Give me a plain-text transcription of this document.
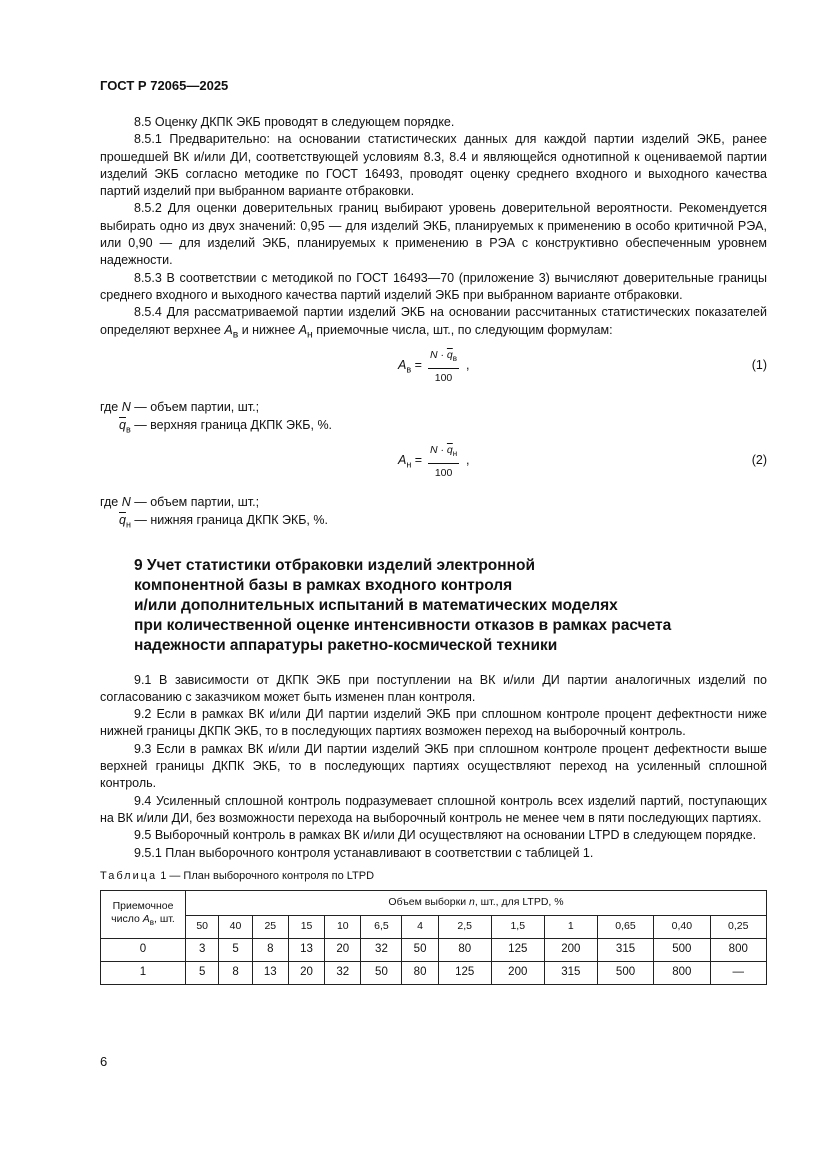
ГОСТ Р 72065—2025

8.5 Оценку ДКПК ЭКБ проводят в следующем порядке.

8.5.1 Предварительно: на основании статистических данных для каждой партии изделий ЭКБ, ранее прошедшей ВК и/или ДИ, соответствующей условиям 8.3, 8.4 и являющейся однотипной к оцениваемой партии изделий ЭКБ согласно методике по ГОСТ 16493, проводят оценку среднего входного и выходного качества партий изделий при выбранном варианте отбраковки.

8.5.2 Для оценки доверительных границ выбирают уровень доверительной вероятности. Рекомендуется выбирать одно из двух значений: 0,95 — для изделий ЭКБ, планируемых к применению в особо критичной РЭА, или 0,90 — для изделий ЭКБ, планируемых к применению в РЭА с конструктивно обеспеченным уровнем надежности.

8.5.3 В соответствии с методикой по ГОСТ 16493—70 (приложение 3) вычисляют доверительные границы среднего входного и выходного качества партий изделий ЭКБ при выбранном варианте отбраковки.

8.5.4 Для рассматриваемой партии изделий ЭКБ на основании рассчитанных статистических показателей определяют верхнее $A_в$ и нижнее $A_н$ приемочные числа, шт., по следующим формулам:

$A_в$ =
$N \cdot \overline{q}_в$
100
,	(1)

где N — объем партии, шт.;

$\overline{q}_в$ — верхняя граница ДКПК ЭКБ, %.

$A_н$ =
$N \cdot \overline{q}_н$
100
,	(2)

где N — объем партии, шт.;

$\overline{q}_н$ — нижняя граница ДКПК ЭКБ, %.

9 Учет статистики отбраковки изделий электронной
компонентной базы в рамках входного контроля
и/или дополнительных испытаний в математических моделях
при количественной оценке интенсивности отказов в рамках расчета
надежности аппаратуры ракетно-космической техники

9.1 В зависимости от ДКПК ЭКБ при поступлении на ВК и/или ДИ партии аналогичных изделий по согласованию с заказчиком может быть изменен план контроля.

9.2 Если в рамках ВК и/или ДИ партии изделий ЭКБ при сплошном контроле процент дефектности ниже нижней границы ДКПК ЭКБ, то в последующих партиях возможен переход на выборочный контроль.

9.3 Если в рамках ВК и/или ДИ партии изделий ЭКБ при сплошном контроле процент дефектности выше верхней границы ДКПК ЭКБ, то в последующих партиях осуществляют переход на усиленный сплошной контроль.

9.4 Усиленный сплошной контроль подразумевает сплошной контроль всех изделий партий, поступающих на ВК и/или ДИ, без возможности перехода на выборочный контроль не менее чем в пяти последующих партиях.

9.5 Выборочный контроль в рамках ВК и/или ДИ осуществляют на основании LTPD в следующем порядке.

9.5.1 План выборочного контроля устанавливают в соответствии с таблицей 1.

Таблица 1 — План выборочного контроля по LTPD
Приемочное число $A_в$, шт.	Объем выборки n, шт., для LTPD, %												
	50	40	25	15	10	6,5	4	2,5	1,5	1	0,65	0,40	0,25
0	3	5	8	13	20	32	50	80	125	200	315	500	800
1	5	8	13	20	32	50	80	125	200	315	500	800	—
6
